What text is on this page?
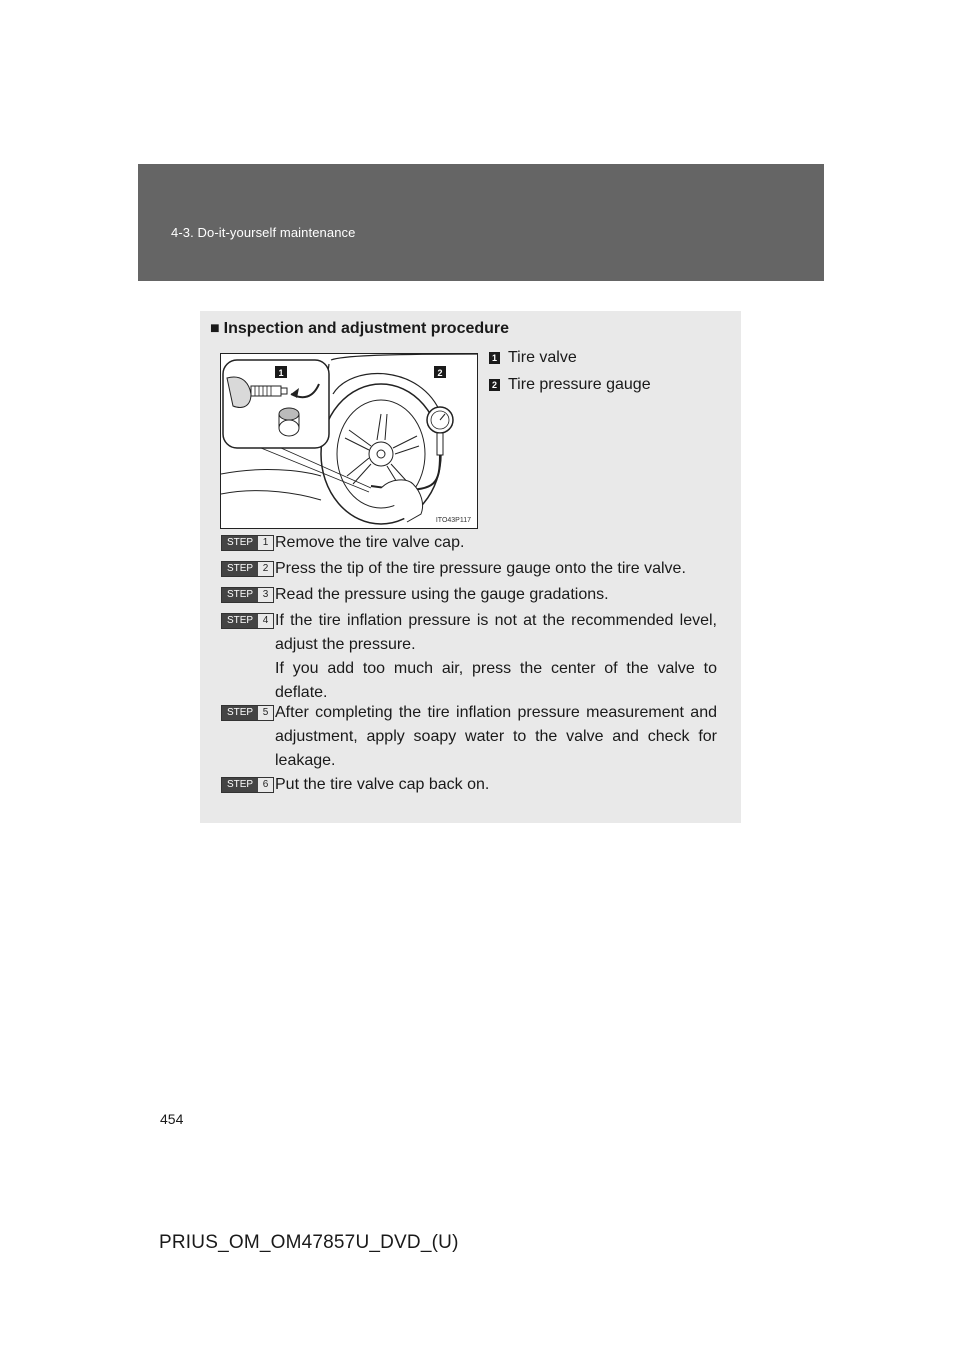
4-3. Do-it-yourself maintenance
■ Inspection and adjustment procedure
1	2
ITO43P117
1 Tire valve
2 Tire pressure gauge
STEP 1 Remove the tire valve cap.

STEP 2 Press the tip of the tire pressure gauge onto the tire valve.

STEP 3 Read the pressure using the gauge gradations.

STEP 4 If the tire inflation pressure is not at the recommended level, adjust the pressure.

If you add too much air, press the center of the valve to deflate.

STEP 5 After completing the tire inflation pressure measurement and adjustment, apply soapy water to the valve and check for leakage.

STEP 6 Put the tire valve cap back on.

454
PRIUS_OM_OM47857U_DVD_(U)
